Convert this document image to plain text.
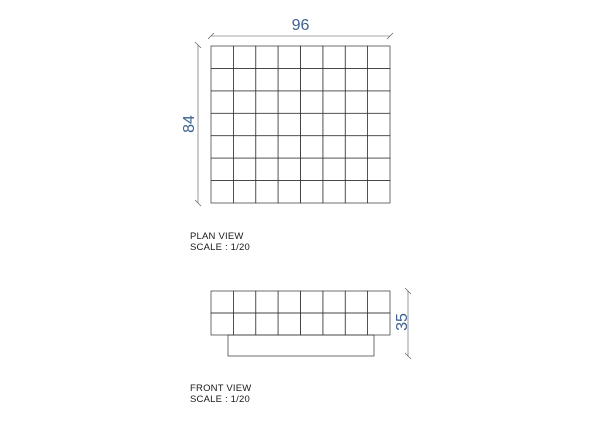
96
84
35
PLAN VIEW
SCALE : 1/20
FRONT VIEW
SCALE : 1/20
